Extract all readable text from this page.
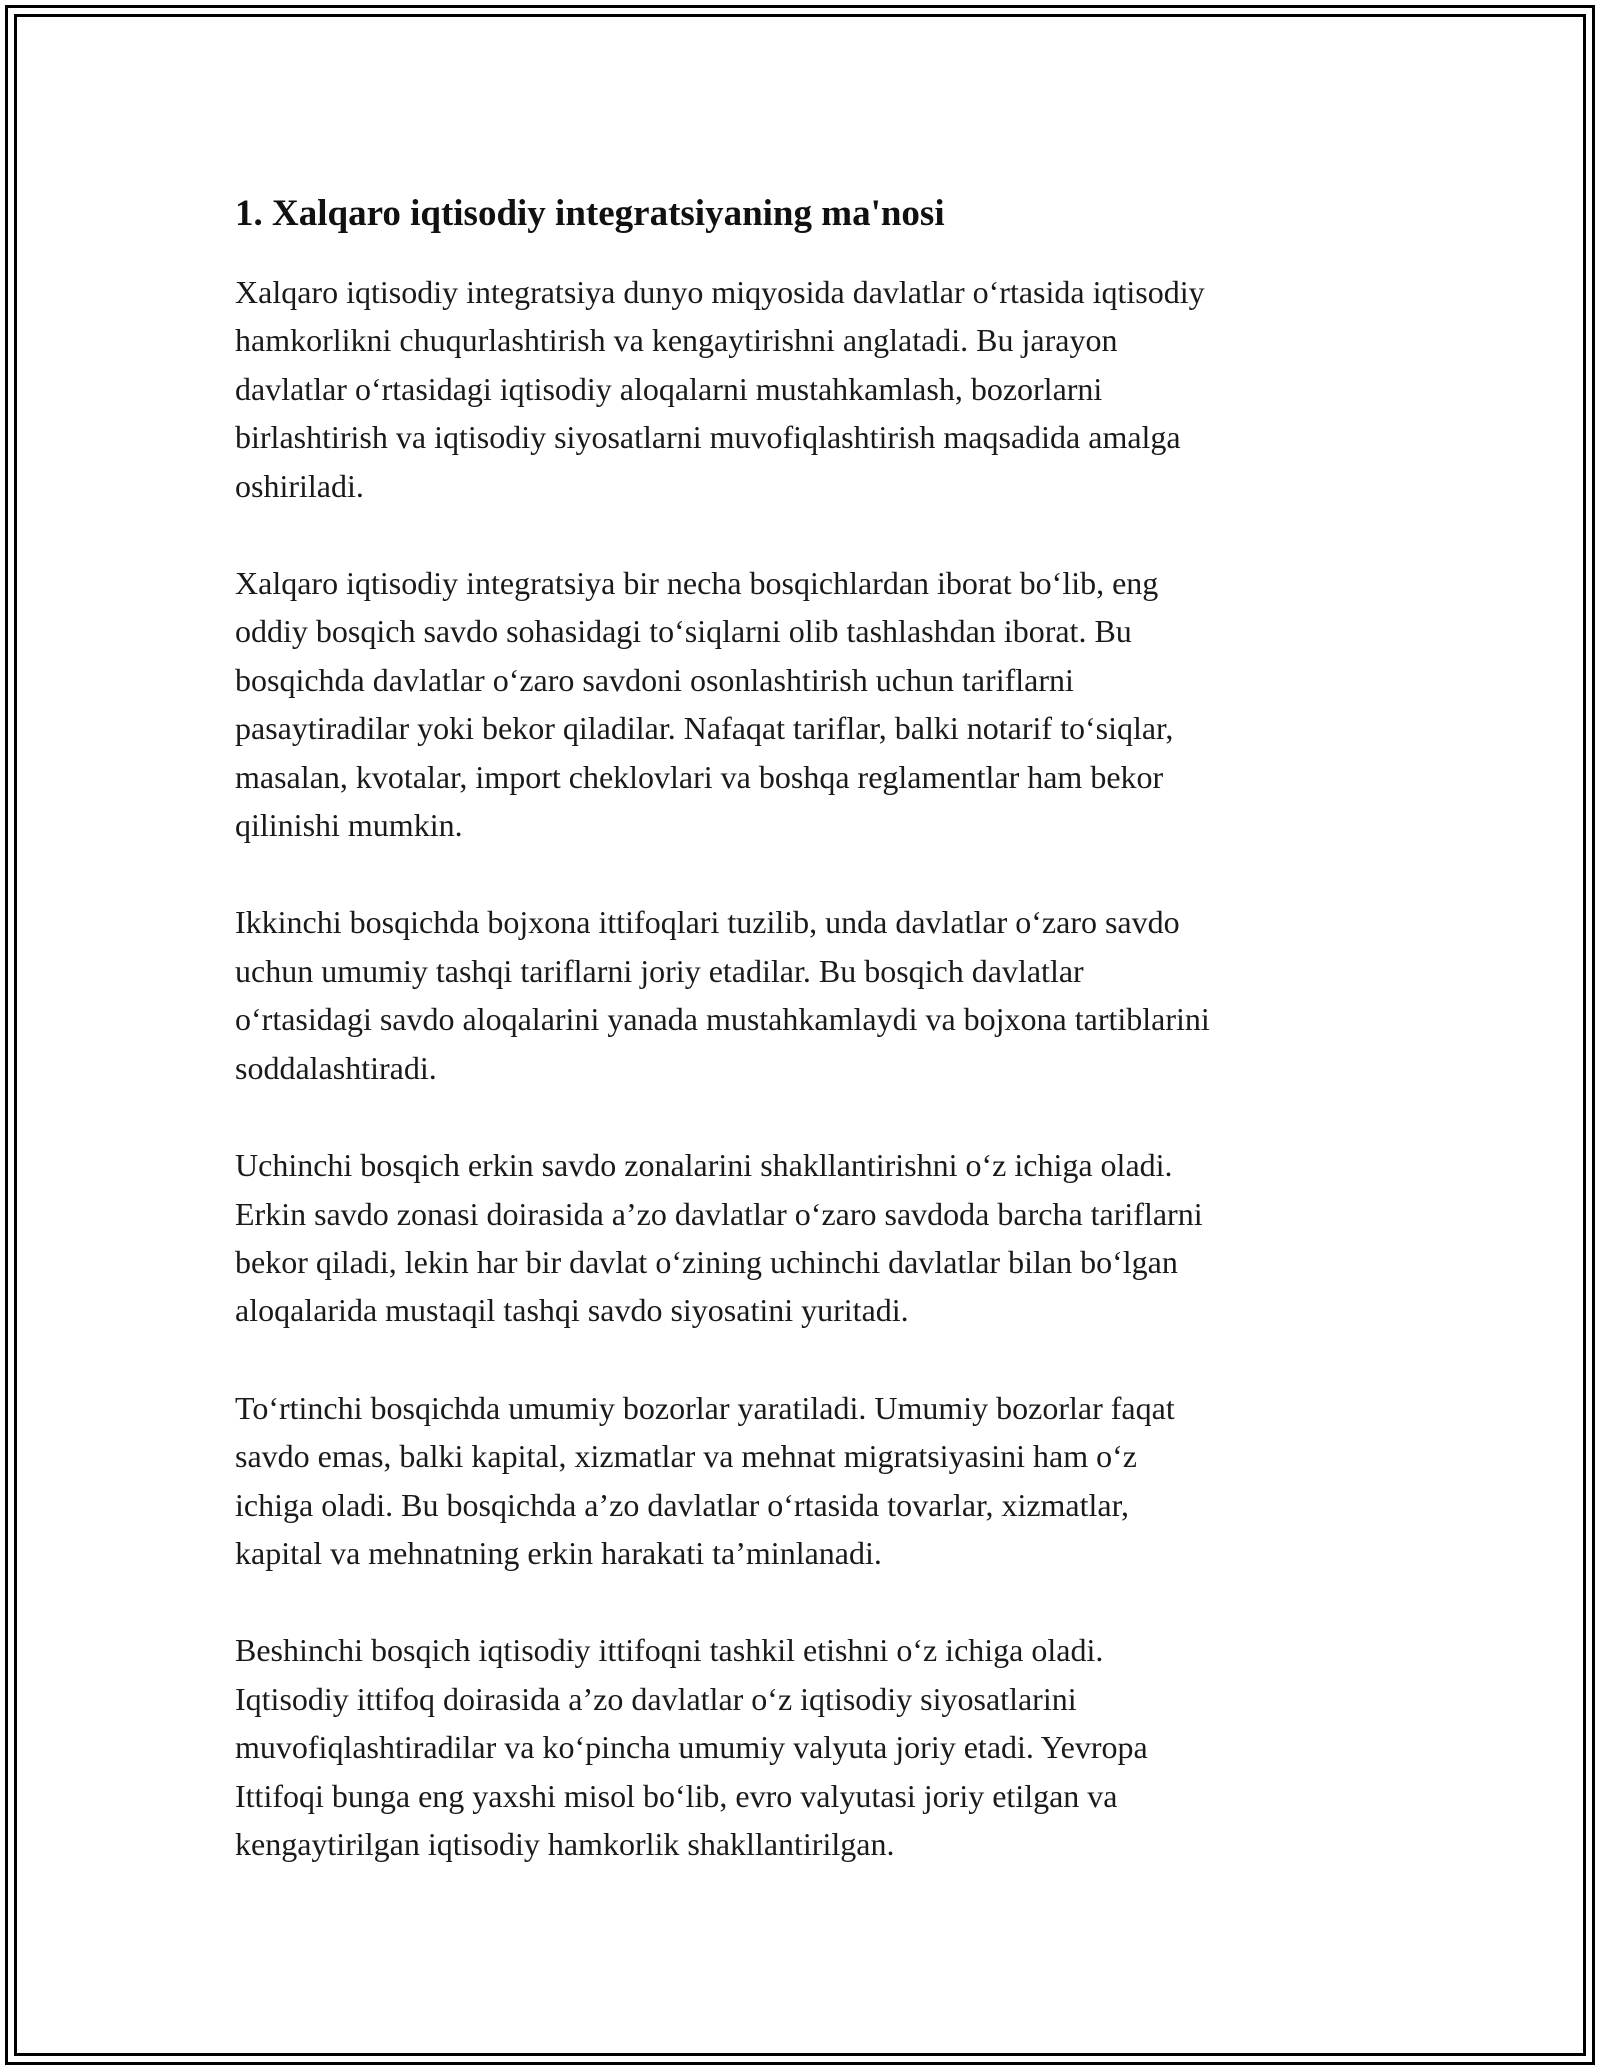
1. Xalqaro iqtisodiy integratsiyaning ma'nosi

Xalqaro iqtisodiy integratsiya dunyo miqyosida davlatlar oʻrtasida iqtisodiy
hamkorlikni chuqurlashtirish va kengaytirishni anglatadi. Bu jarayon
davlatlar oʻrtasidagi iqtisodiy aloqalarni mustahkamlash, bozorlarni
birlashtirish va iqtisodiy siyosatlarni muvofiqlashtirish maqsadida amalga
oshiriladi.

Xalqaro iqtisodiy integratsiya bir necha bosqichlardan iborat boʻlib, eng
oddiy bosqich savdo sohasidagi toʻsiqlarni olib tashlashdan iborat. Bu
bosqichda davlatlar oʻzaro savdoni osonlashtirish uchun tariflarni
pasaytiradilar yoki bekor qiladilar. Nafaqat tariflar, balki notarif toʻsiqlar,
masalan, kvotalar, import cheklovlari va boshqa reglamentlar ham bekor
qilinishi mumkin.

Ikkinchi bosqichda bojxona ittifoqlari tuzilib, unda davlatlar oʻzaro savdo
uchun umumiy tashqi tariflarni joriy etadilar. Bu bosqich davlatlar
oʻrtasidagi savdo aloqalarini yanada mustahkamlaydi va bojxona tartiblarini
soddalashtiradi.

Uchinchi bosqich erkin savdo zonalarini shakllantirishni oʻz ichiga oladi.
Erkin savdo zonasi doirasida a’zo davlatlar oʻzaro savdoda barcha tariflarni
bekor qiladi, lekin har bir davlat oʻzining uchinchi davlatlar bilan boʻlgan
aloqalarida mustaqil tashqi savdo siyosatini yuritadi.

Toʻrtinchi bosqichda umumiy bozorlar yaratiladi. Umumiy bozorlar faqat
savdo emas, balki kapital, xizmatlar va mehnat migratsiyasini ham oʻz
ichiga oladi. Bu bosqichda a’zo davlatlar oʻrtasida tovarlar, xizmatlar,
kapital va mehnatning erkin harakati ta’minlanadi.

Beshinchi bosqich iqtisodiy ittifoqni tashkil etishni oʻz ichiga oladi.
Iqtisodiy ittifoq doirasida a’zo davlatlar oʻz iqtisodiy siyosatlarini
muvofiqlashtiradilar va koʻpincha umumiy valyuta joriy etadi. Yevropa
Ittifoqi bunga eng yaxshi misol boʻlib, evro valyutasi joriy etilgan va
kengaytirilgan iqtisodiy hamkorlik shakllantirilgan.
